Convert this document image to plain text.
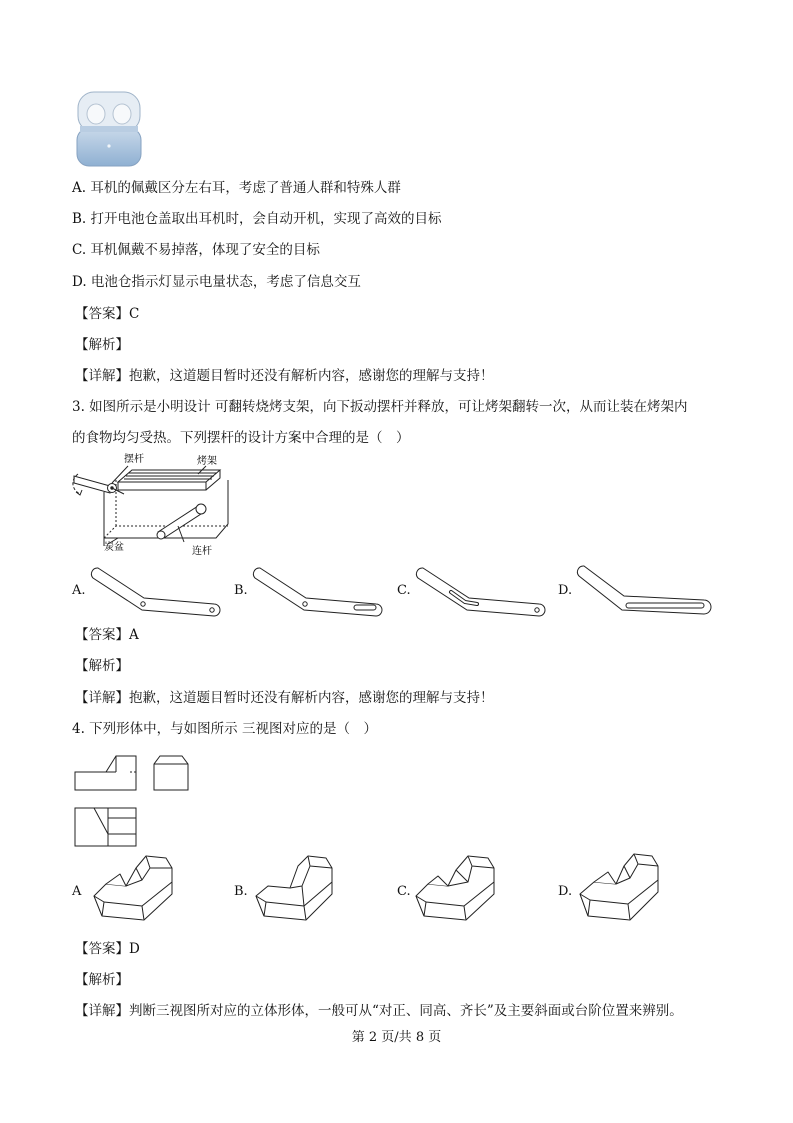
A. 耳机的佩戴区分左右耳，考虑了普通人群和特殊人群
B. 打开电池仓盖取出耳机时，会自动开机，实现了高效的目标
C. 耳机佩戴不易掉落，体现了安全的目标
D. 电池仓指示灯显示电量状态，考虑了信息交互
【答案】C
【解析】
【详解】抱歉，这道题目暂时还没有解析内容，感谢您的理解与支持！
3. 如图所示是小明设计 可翻转烧烤支架，向下扳动摆杆并释放，可让烤架翻转一次，从而让装在烤架内
的食物均匀受热。下列摆杆的设计方案中合理的是（　）
摆杆	烤架
炭盆	连杆
A.	B.	C.	D.
【答案】A
【解析】
【详解】抱歉，这道题目暂时还没有解析内容，感谢您的理解与支持！
4. 下列形体中，与如图所示 三视图对应的是（　）
A	B.	C.	D.
【答案】D
【解析】
【详解】判断三视图所对应的立体形体，一般可从“对正、同高、齐长”及主要斜面或台阶位置来辨别。
第 2 页/共 8 页
